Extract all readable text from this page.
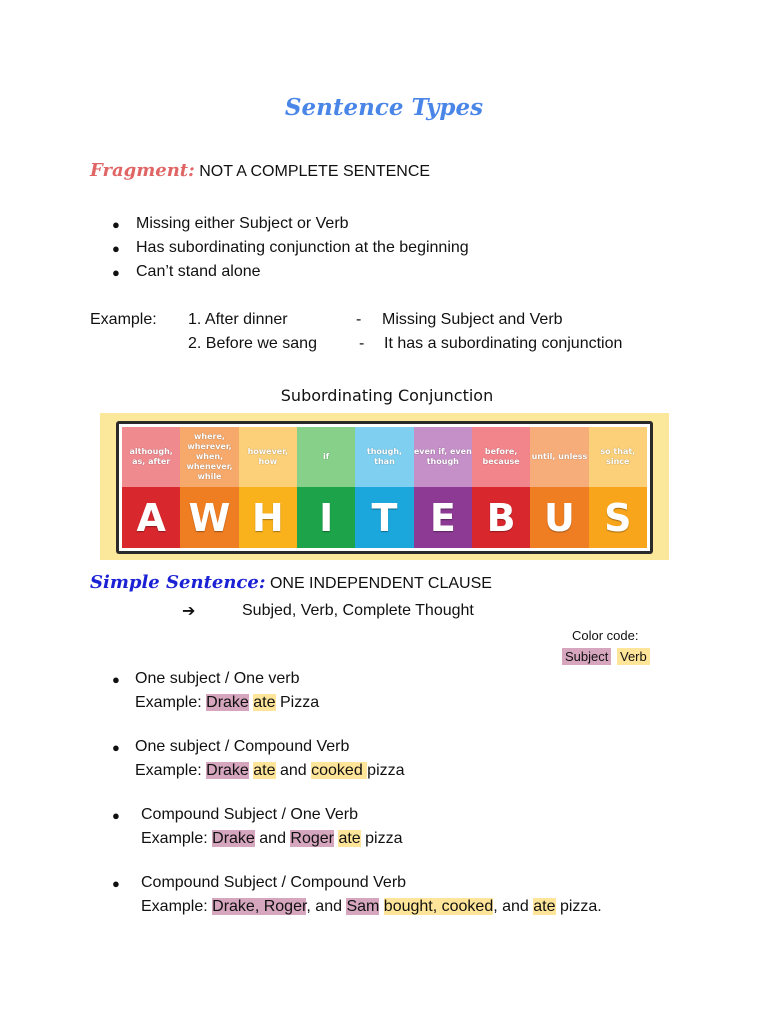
Sentence Types
Fragment: NOT A COMPLETE SENTENCE
● Missing either Subject or Verb
● Has subordinating conjunction at the beginning
● Can’t stand alone
Example: 1. After dinner	- Missing Subject and Verb
2. Before we sang	- It has a subordinating conjunction
Subordinating Conjunction
although, as, after
A
where, wherever, when, whenever, while
W
however, how
H
if
I
though, than
T
even if, even though
E
before, because
B
until, unless
U
so that, since
S
Simple Sentence: ONE INDEPENDENT CLAUSE
➔	Subjed, Verb, Complete Thought
Color code:
Subject Verb
● One subject / One verb
Example: Drake ate Pizza
● One subject / Compound Verb
Example: Drake ate and cooked pizza
● Compound Subject / One Verb
Example: Drake and Roger ate pizza
● Compound Subject / Compound Verb
Example: Drake, Roger, and Sam bought, cooked, and ate pizza.
